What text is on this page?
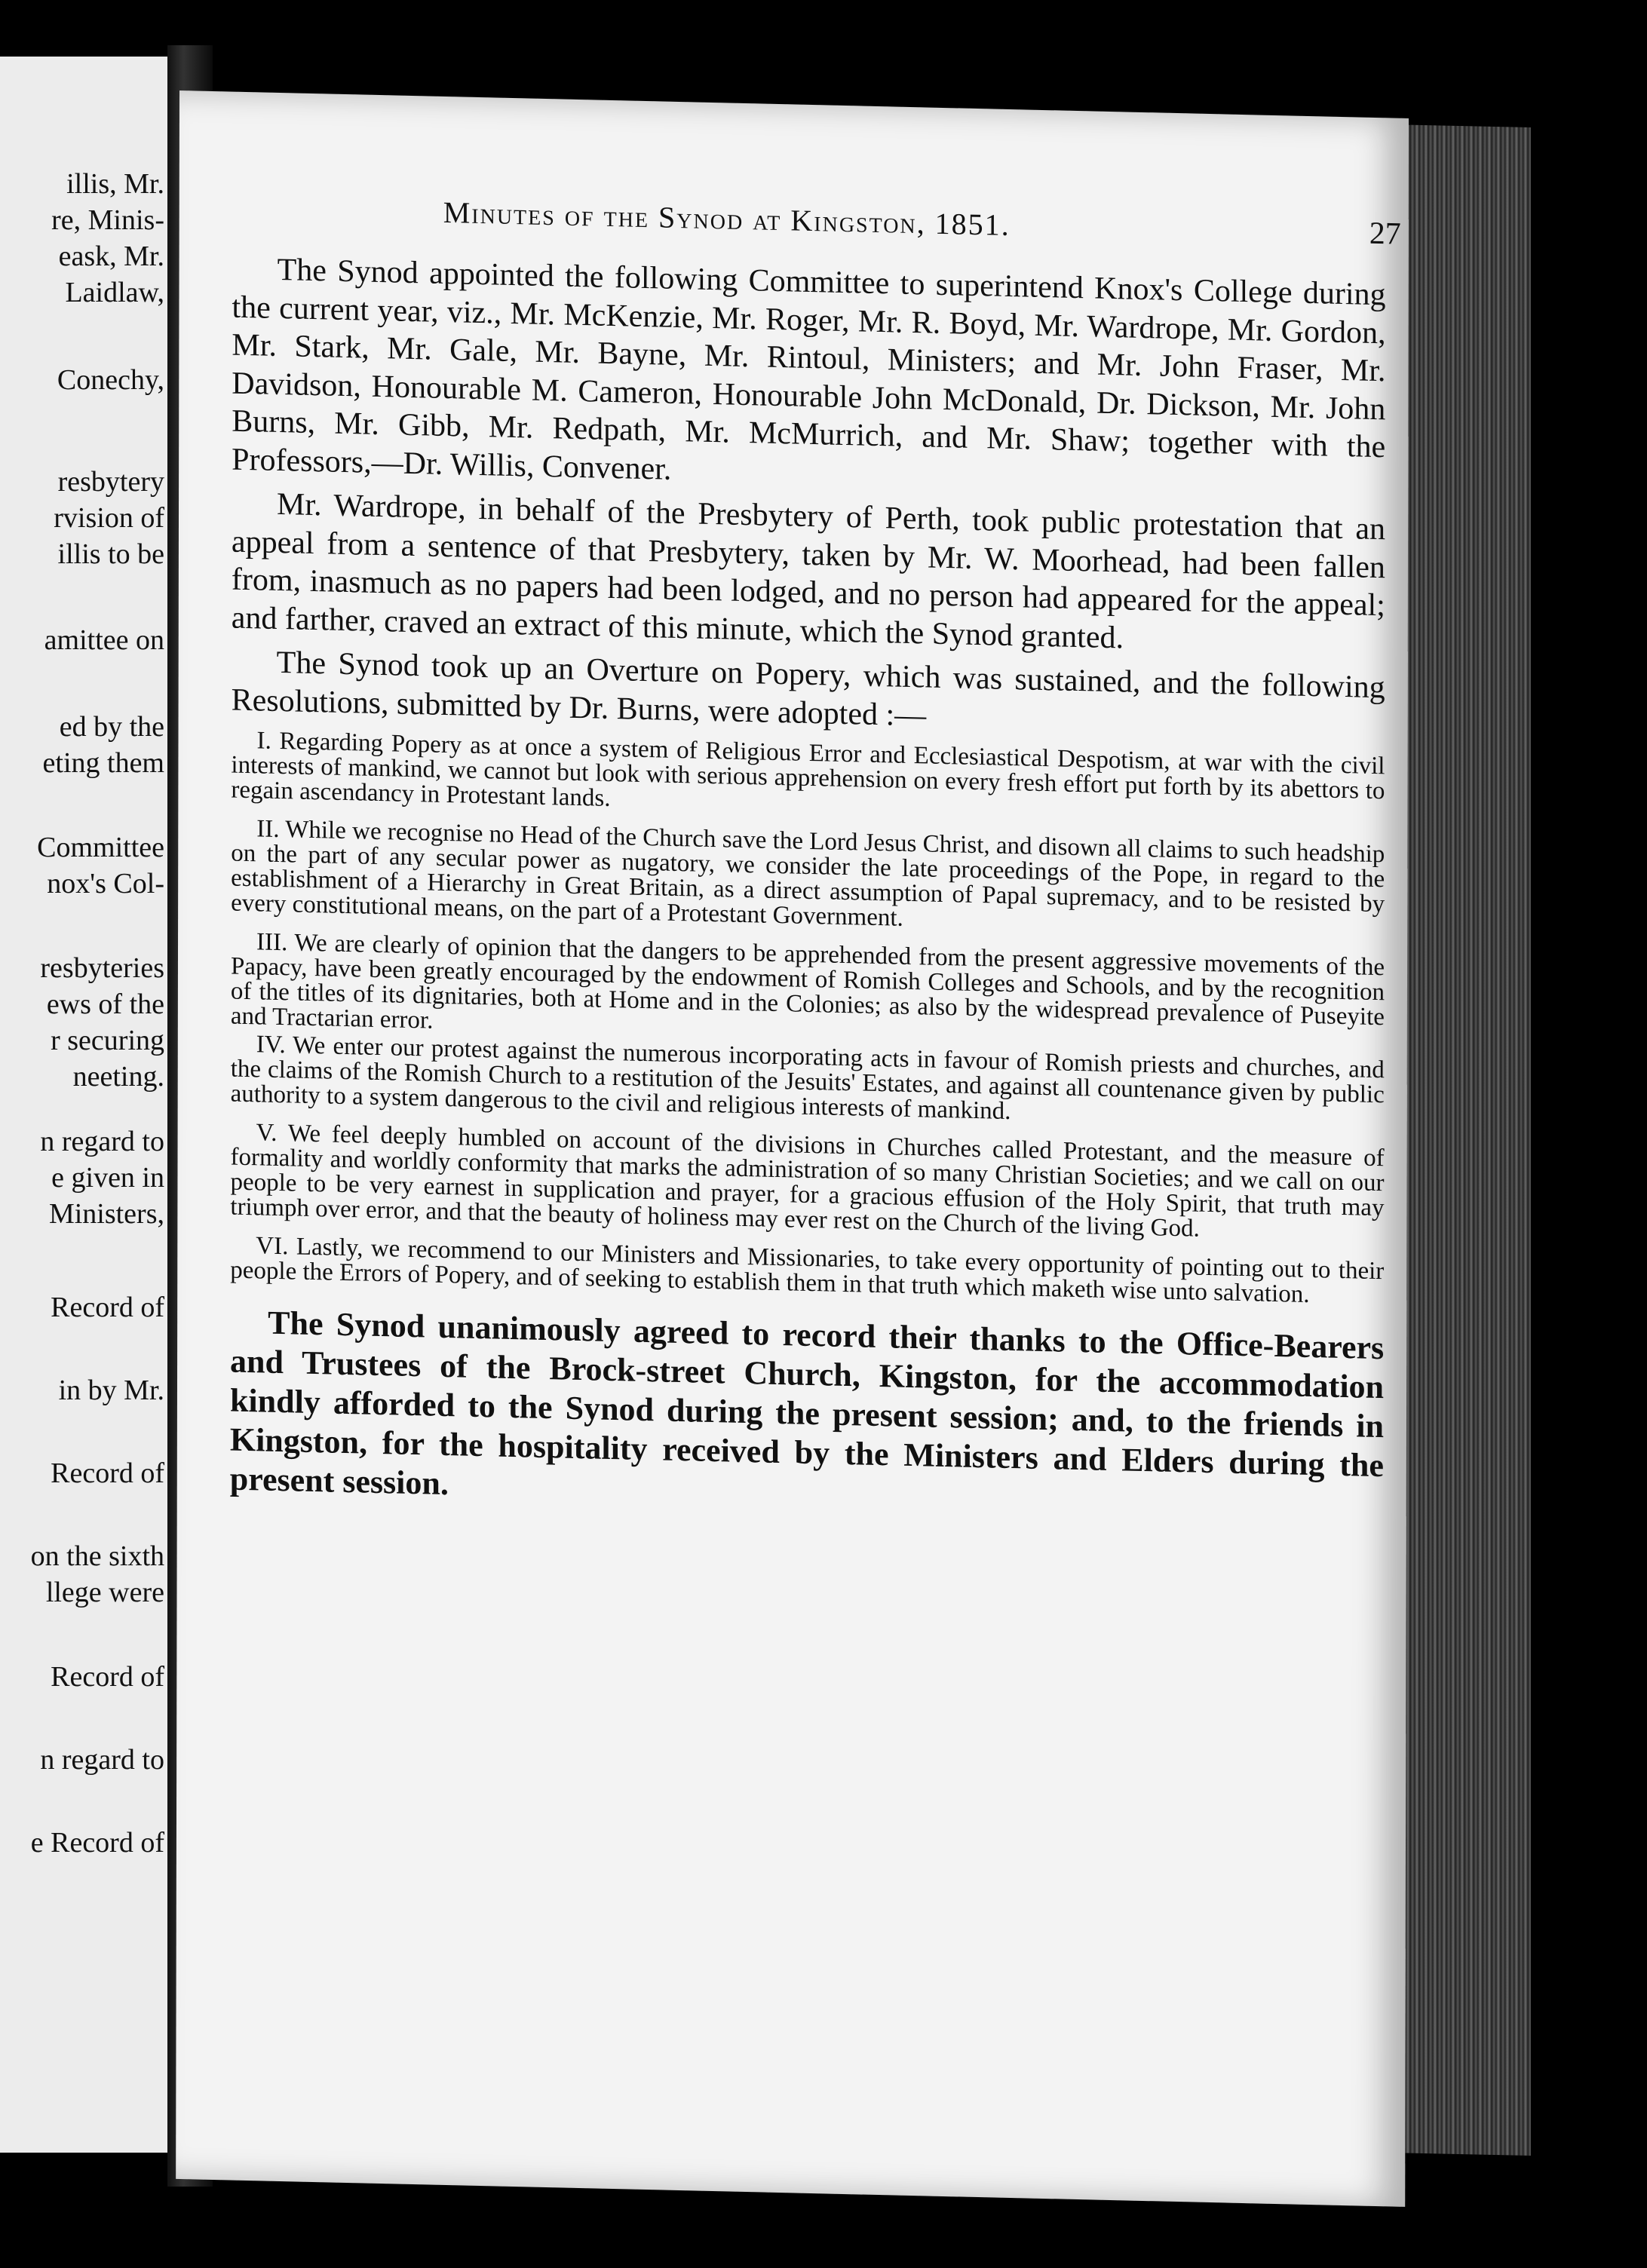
illis, Mr.
re, Minis-
eask, Mr.
Laidlaw,
Conechy,
resbytery
rvision of
illis to be
amittee on
ed by the
eting them
Committee
nox's Col-
resbyteries
ews of the
r securing
neeting.
n regard to
e given in
Ministers,
Record of
in by Mr.
Record of
on the sixth
llege were
Record of
n regard to
e Record of
Minutes of the Synod at Kingston, 1851.	27

The Synod appointed the following Committee to superintend Knox's College during the current year, viz., Mr. McKenzie, Mr. Roger, Mr. R. Boyd, Mr. Wardrope, Mr. Gordon, Mr. Stark, Mr. Gale, Mr. Bayne, Mr. Rintoul, Ministers; and Mr. John Fraser, Mr. Davidson, Honourable M. Cameron, Honourable John McDonald, Dr. Dickson, Mr. John Burns, Mr. Gibb, Mr. Redpath, Mr. McMurrich, and Mr. Shaw; together with the Professors,—Dr. Willis, Convener.

Mr. Wardrope, in behalf of the Presbytery of Perth, took public protestation that an appeal from a sentence of that Presbytery, taken by Mr. W. Moorhead, had been fallen from, inasmuch as no papers had been lodged, and no person had appeared for the appeal; and farther, craved an extract of this minute, which the Synod granted.

The Synod took up an Overture on Popery, which was sustained, and the following Resolutions, submitted by Dr. Burns, were adopted :—

I. Regarding Popery as at once a system of Religious Error and Ecclesiastical Despotism, at war with the civil interests of mankind, we cannot but look with serious apprehension on every fresh effort put forth by its abettors to regain ascendancy in Protestant lands.

II. While we recognise no Head of the Church save the Lord Jesus Christ, and disown all claims to such headship on the part of any secular power as nugatory, we consider the late proceedings of the Pope, in regard to the establishment of a Hierarchy in Great Britain, as a direct assumption of Papal supremacy, and to be resisted by every constitutional means, on the part of a Protestant Government.

III. We are clearly of opinion that the dangers to be apprehended from the present aggressive movements of the Papacy, have been greatly encouraged by the endowment of Romish Colleges and Schools, and by the recognition of the titles of its dignitaries, both at Home and in the Colonies; as also by the widespread prevalence of Puseyite and Tractarian error.

IV. We enter our protest against the numerous incorporating acts in favour of Romish priests and churches, and the claims of the Romish Church to a restitution of the Jesuits' Estates, and against all countenance given by public authority to a system dangerous to the civil and religious interests of mankind.

V. We feel deeply humbled on account of the divisions in Churches called Protestant, and the measure of formality and worldly conformity that marks the administration of so many Christian Societies; and we call on our people to be very earnest in supplication and prayer, for a gracious effusion of the Holy Spirit, that truth may triumph over error, and that the beauty of holiness may ever rest on the Church of the living God.

VI. Lastly, we recommend to our Ministers and Missionaries, to take every opportunity of pointing out to their people the Errors of Popery, and of seeking to establish them in that truth which maketh wise unto salvation.

The Synod unanimously agreed to record their thanks to the Office-Bearers and Trustees of the Brock-street Church, Kingston, for the accommodation kindly afforded to the Synod during the present session; and, to the friends in Kingston, for the hospitality received by the Ministers and Elders during the present session.
